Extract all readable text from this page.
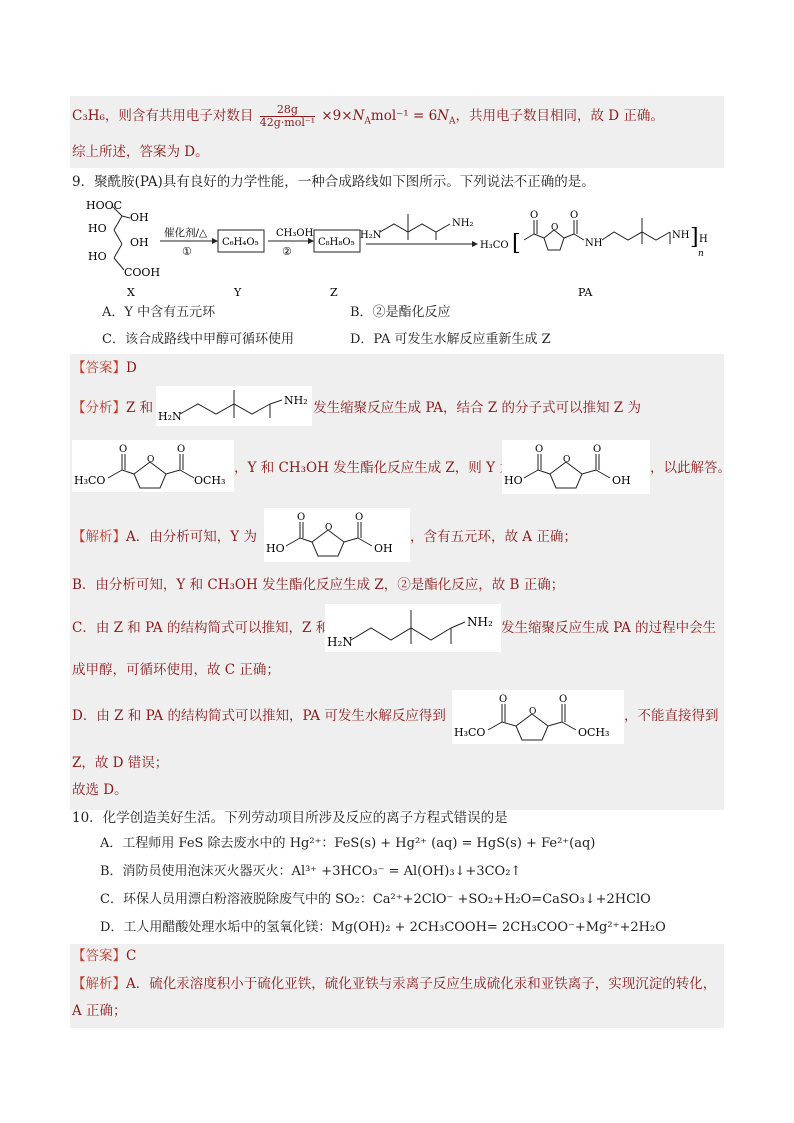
C₃H₆，则含有共用电子对数目 $\frac{28g}{\text{42g·mol⁻¹}} \times 9\times N_Amol^{-1} = 6N_A$，共用电子数目相同，故 D 正确。
综上所述，答案为 D。
9．聚酰胺(PA)具有良好的力学性能，一种合成路线如下图所示。下列说法不正确的是。
HOOC
OH
HO
OH
HO
COOH
催化剂/△
①
C₆H₄O₅
CH₃OH
②
C₈H₈O₅
H₂N
NH₂
H₃CO [
O
O
O
NH
NH ] H
n
X	Y	Z	PA
A．Y 中含有五元环	B．②是酯化反应
C．该合成路线中甲醇可循环使用	D．PA 可发生水解反应重新生成 Z
【答案】D
【分析】Z 和	发生缩聚反应生成 PA，结合 Z 的分子式可以推知 Z 为
H₂N
NH₂
H₃CO
O
O
O
OCH₃
，Y 和 CH₃OH 发生酯化反应生成 Z，则 Y 为
HO
O
O
O
OH
，以此解答。
【解析】A．由分析可知，Y 为
HO
O
O
O
OH
，含有五元环，故 A 正确；
B．由分析可知，Y 和 CH₃OH 发生酯化反应生成 Z，②是酯化反应，故 B 正确；
C．由 Z 和 PA 的结构简式可以推知，Z 和
H₂N
NH₂ 发生缩聚反应生成 PA 的过程中会生
成甲醇，可循环使用，故 C 正确；
D．由 Z 和 PA 的结构简式可以推知，PA 可发生水解反应得到
H₃CO
O
O
O
OCH₃
，不能直接得到
Z，故 D 错误；
故选 D。
10．化学创造美好生活。下列劳动项目所涉及反应的离子方程式错误的是
A．工程师用 FeS 除去废水中的 Hg²⁺：FeS(s) + Hg²⁺ (aq) = HgS(s) + Fe²⁺(aq)
B．消防员使用泡沫灭火器灭火：Al³⁺ +3HCO₃⁻ = Al(OH)₃↓+3CO₂↑
C．环保人员用漂白粉溶液脱除废气中的 SO₂：Ca²⁺+2ClO⁻ +SO₂+H₂O=CaSO₃↓+2HClO
D．工人用醋酸处理水垢中的氢氧化镁：Mg(OH)₂ + 2CH₃COOH= 2CH₃COO⁻+Mg²⁺+2H₂O
【答案】C
【解析】A．硫化汞溶度积小于硫化亚铁，硫化亚铁与汞离子反应生成硫化汞和亚铁离子，实现沉淀的转化，
A 正确；
